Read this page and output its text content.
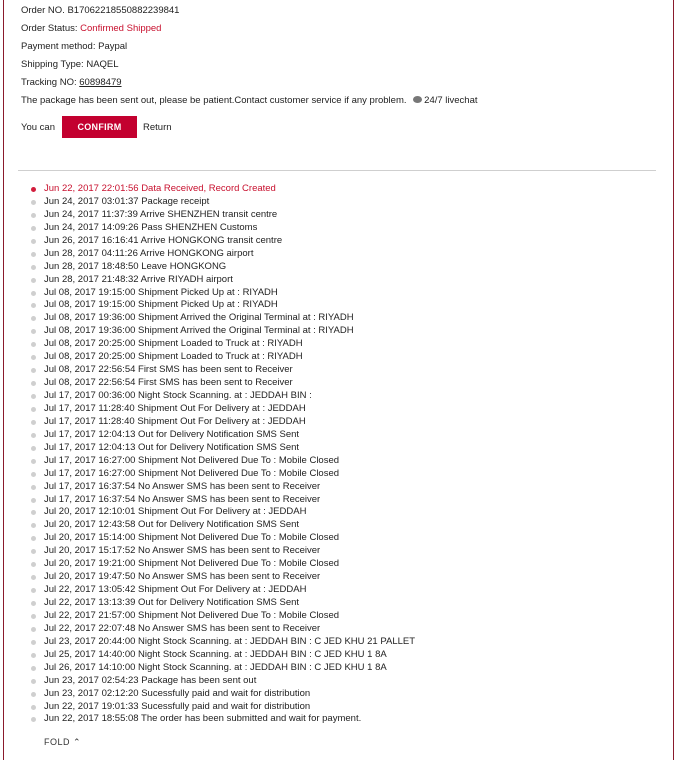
Order NO. B17062218550882239841
Order Status: Confirmed Shipped
Payment method: Paypal
Shipping Type: NAQEL
Tracking NO: 60898479
The package has been sent out, please be patient.Contact customer service if any problem. 24/7 livechat
You can	CONFIRM	Return
Jun 22, 2017 22:01:56 Data Received, Record Created
Jun 24, 2017 03:01:37 Package receipt
Jun 24, 2017 11:37:39 Arrive SHENZHEN transit centre
Jun 24, 2017 14:09:26 Pass SHENZHEN Customs
Jun 26, 2017 16:16:41 Arrive HONGKONG transit centre
Jun 28, 2017 04:11:26 Arrive HONGKONG airport
Jun 28, 2017 18:48:50 Leave HONGKONG
Jun 28, 2017 21:48:32 Arrive RIYADH airport
Jul 08, 2017 19:15:00 Shipment Picked Up at : RIYADH
Jul 08, 2017 19:15:00 Shipment Picked Up at : RIYADH
Jul 08, 2017 19:36:00 Shipment Arrived the Original Terminal at : RIYADH
Jul 08, 2017 19:36:00 Shipment Arrived the Original Terminal at : RIYADH
Jul 08, 2017 20:25:00 Shipment Loaded to Truck at : RIYADH
Jul 08, 2017 20:25:00 Shipment Loaded to Truck at : RIYADH
Jul 08, 2017 22:56:54 First SMS has been sent to Receiver
Jul 08, 2017 22:56:54 First SMS has been sent to Receiver
Jul 17, 2017 00:36:00 Night Stock Scanning. at : JEDDAH BIN :
Jul 17, 2017 11:28:40 Shipment Out For Delivery at : JEDDAH
Jul 17, 2017 11:28:40 Shipment Out For Delivery at : JEDDAH
Jul 17, 2017 12:04:13 Out for Delivery Notification SMS Sent
Jul 17, 2017 12:04:13 Out for Delivery Notification SMS Sent
Jul 17, 2017 16:27:00 Shipment Not Delivered Due To : Mobile Closed
Jul 17, 2017 16:27:00 Shipment Not Delivered Due To : Mobile Closed
Jul 17, 2017 16:37:54 No Answer SMS has been sent to Receiver
Jul 17, 2017 16:37:54 No Answer SMS has been sent to Receiver
Jul 20, 2017 12:10:01 Shipment Out For Delivery at : JEDDAH
Jul 20, 2017 12:43:58 Out for Delivery Notification SMS Sent
Jul 20, 2017 15:14:00 Shipment Not Delivered Due To : Mobile Closed
Jul 20, 2017 15:17:52 No Answer SMS has been sent to Receiver
Jul 20, 2017 19:21:00 Shipment Not Delivered Due To : Mobile Closed
Jul 20, 2017 19:47:50 No Answer SMS has been sent to Receiver
Jul 22, 2017 13:05:42 Shipment Out For Delivery at : JEDDAH
Jul 22, 2017 13:13:39 Out for Delivery Notification SMS Sent
Jul 22, 2017 21:57:00 Shipment Not Delivered Due To : Mobile Closed
Jul 22, 2017 22:07:48 No Answer SMS has been sent to Receiver
Jul 23, 2017 20:44:00 Night Stock Scanning. at : JEDDAH BIN : C JED KHU 21 PALLET
Jul 25, 2017 14:40:00 Night Stock Scanning. at : JEDDAH BIN : C JED KHU 1 8A
Jul 26, 2017 14:10:00 Night Stock Scanning. at : JEDDAH BIN : C JED KHU 1 8A
Jun 23, 2017 02:54:23 Package has been sent out
Jun 23, 2017 02:12:20 Sucessfully paid and wait for distribution
Jun 22, 2017 19:01:33 Sucessfully paid and wait for distribution
Jun 22, 2017 18:55:08 The order has been submitted and wait for payment.
FOLD ⌃
